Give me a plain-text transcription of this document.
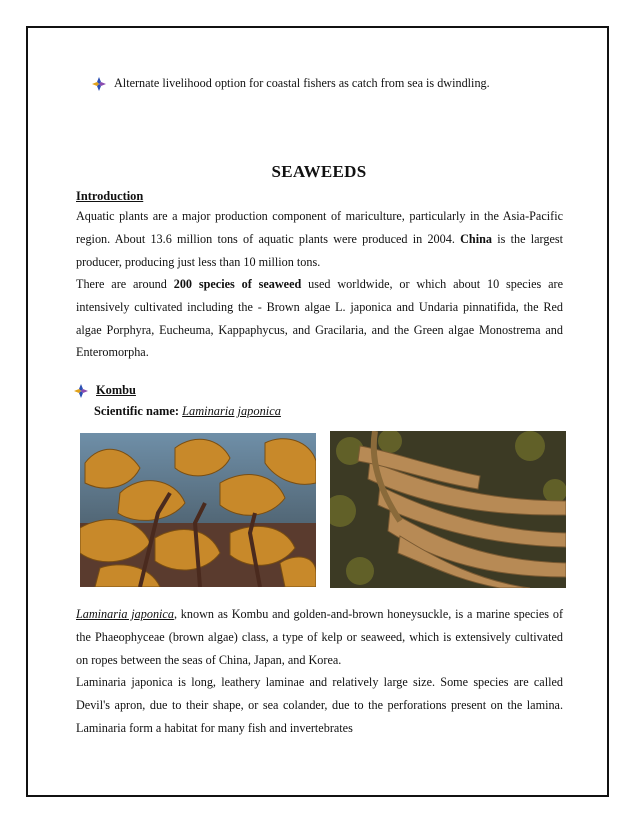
Alternate livelihood option for coastal fishers as catch from sea is dwindling.
SEAWEEDS
Introduction

Aquatic plants are a major production component of mariculture, particularly in the Asia-Pacific region. About 13.6 million tons of aquatic plants were produced in 2004. China is the largest producer, producing just less than 10 million tons.

There are around 200 species of seaweed used worldwide, or which about 10 species are intensively cultivated including the - Brown algae L. japonica and Undaria pinnatifida, the Red algae Porphyra, Eucheuma, Kappaphycus, and Gracilaria, and the Green algae Monostrema and Enteromorpha.

Kombu
Scientific name: Laminaria japonica

Laminaria japonica, known as Kombu and golden-and-brown honeysuckle, is a marine species of the Phaeophyceae (brown algae) class, a type of kelp or seaweed, which is extensively cultivated on ropes between the seas of China, Japan, and Korea.

Laminaria japonica is long, leathery laminae and relatively large size. Some species are called Devil's apron, due to their shape, or sea colander, due to the perforations present on the lamina. Laminaria form a habitat for many fish and invertebrates
